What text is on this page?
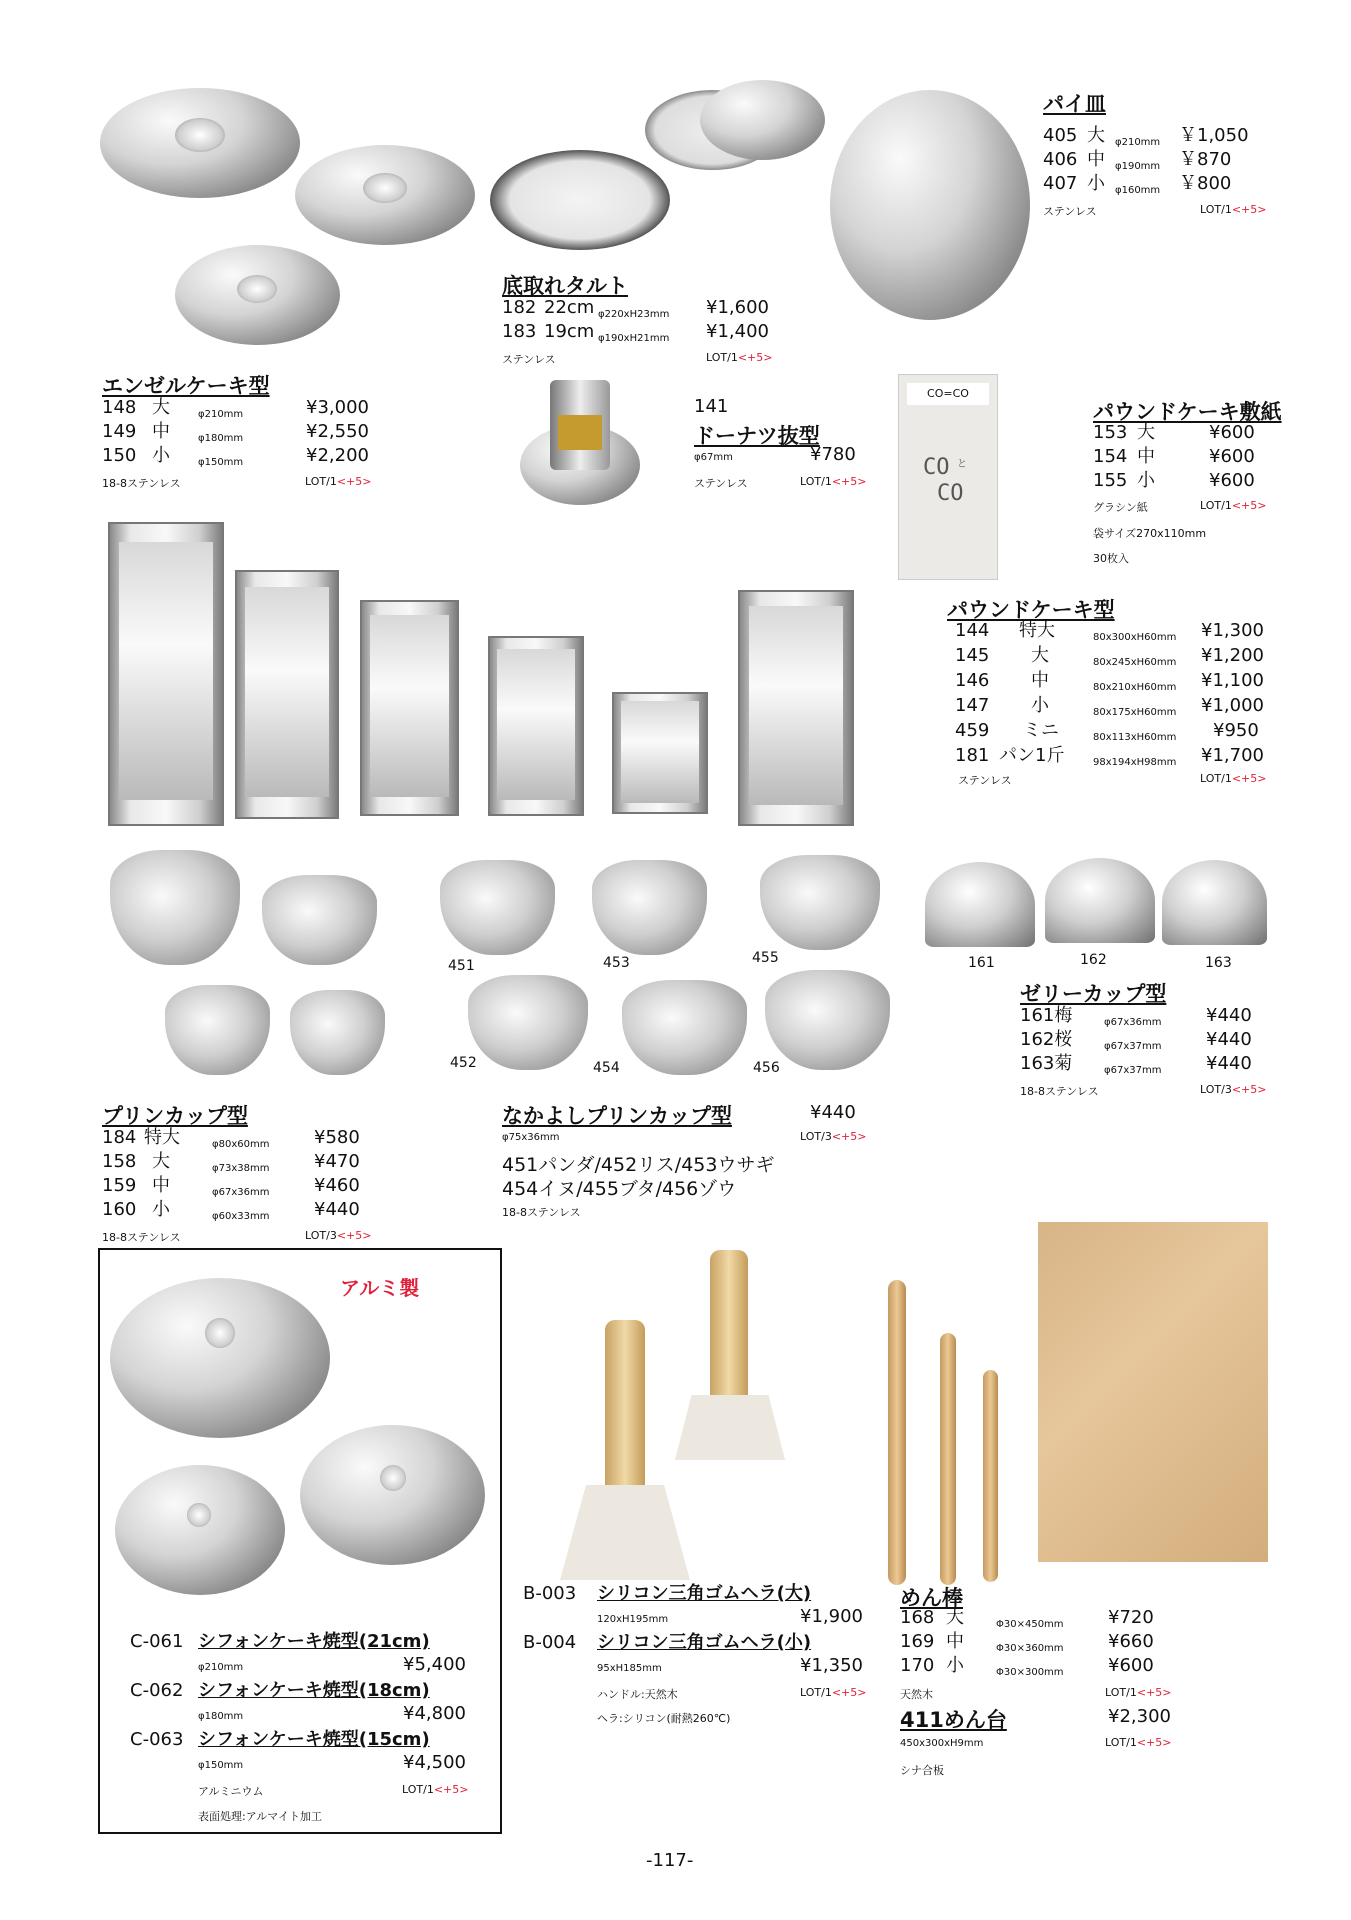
CO=CO
CO と
CO
451	453	455
452	454	456
161	162	163
パイ皿
405 大 φ210mm ￥1,050
406 中 φ190mm ￥870
407 小 φ160mm ￥800
ステンレス	LOT/1<+5>
底取れタルト
182 22cm φ220xH23mm ¥1,600
183 19cm φ190xH21mm ¥1,400
ステンレス	LOT/1<+5>
エンゼルケーキ型
148 大	φ210mm	¥3,000
149 中	φ180mm	¥2,550
150 小	φ150mm	¥2,200
18-8ステンレス	LOT/1<+5>
141
ドーナツ抜型
φ67mm	¥780
ステンレス	LOT/1<+5>
パウンドケーキ敷紙
153 大	¥600
154 中	¥600
155 小	¥600
グラシン紙	LOT/1<+5>
袋サイズ270x110mm
30枚入
パウンドケーキ型
144 特大	80x300xH60mm ¥1,300
145 大	80x245xH60mm ¥1,200
146 中	80x210xH60mm ¥1,100
147 小	80x175xH60mm ¥1,000
459 ミニ	80x113xH60mm ¥950
181 パン1斤	98x194xH98mm ¥1,700
ステンレス	LOT/1<+5>
ゼリーカップ型
161梅	φ67x36mm ¥440
162桜	φ67x37mm ¥440
163菊	φ67x37mm ¥440
18-8ステンレス	LOT/3<+5>
プリンカップ型
184 特大	φ80x60mm ¥580
158 大	φ73x38mm ¥470
159 中	φ67x36mm ¥460
160 小	φ60x33mm ¥440
18-8ステンレス	LOT/3<+5>
なかよしプリンカップ型	¥440
φ75x36mm	LOT/3<+5>
451パンダ/452リス/453ウサギ
454イヌ/455ブタ/456ゾウ
18-8ステンレス
アルミ製
C-061 シフォンケーキ焼型(21cm)
φ210mm	¥5,400
C-062 シフォンケーキ焼型(18cm)
φ180mm	¥4,800
C-063 シフォンケーキ焼型(15cm)
φ150mm	¥4,500
アルミニウム	LOT/1<+5>
表面処理:アルマイト加工
B-003 シリコン三角ゴムヘラ(大)
120xH195mm	¥1,900
B-004 シリコン三角ゴムヘラ(小)
95xH185mm	¥1,350
ハンドル:天然木	LOT/1<+5>
ヘラ:シリコン(耐熱260℃)
めん棒
168 大	Φ30×450mm ¥720
169 中	Φ30×360mm ¥660
170 小	Φ30×300mm ¥600
天然木	LOT/1<+5>
411めん台	¥2,300
450x300xH9mm	LOT/1<+5>
シナ合板
-117-
